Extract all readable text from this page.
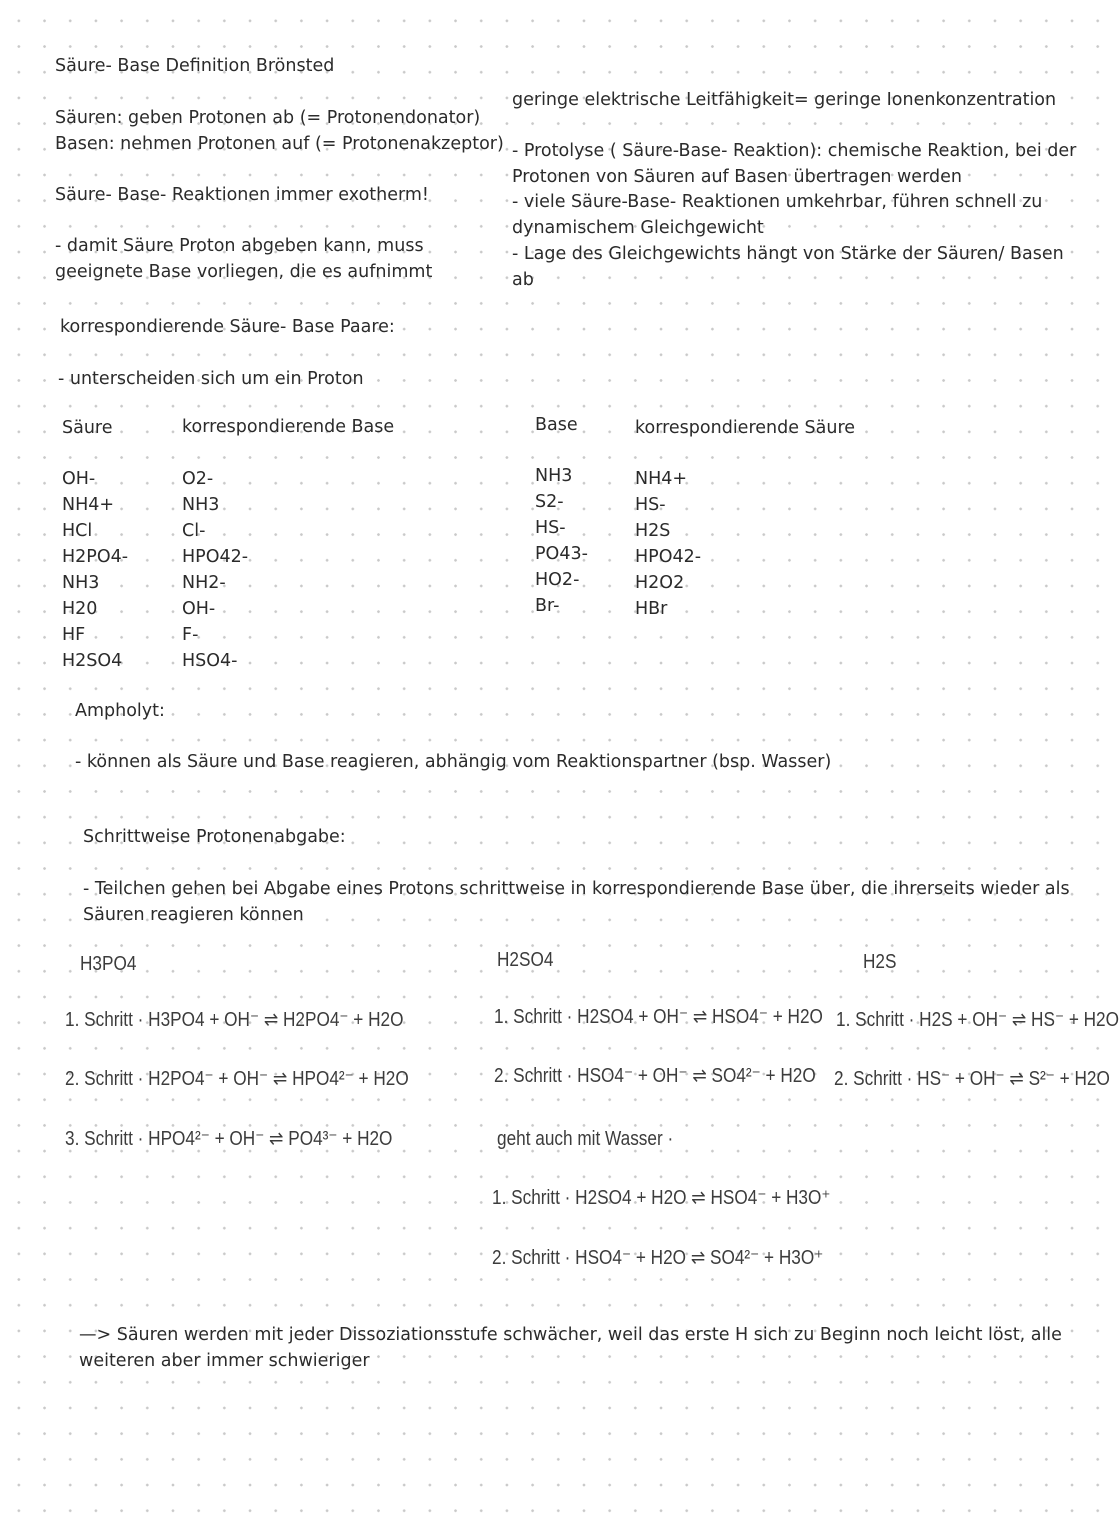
Säure- Base Definition Brönsted
Säuren: geben Protonen ab (= Protonendonator)
Basen: nehmen Protonen auf (= Protonenakzeptor)
Säure- Base- Reaktionen immer exotherm!
- damit Säure Proton abgeben kann, muss
geeignete Base vorliegen, die es aufnimmt
geringe elektrische Leitfähigkeit= geringe Ionenkonzentration
- Protolyse ( Säure-Base- Reaktion): chemische Reaktion, bei der
Protonen von Säuren auf Basen übertragen werden
- viele Säure-Base- Reaktionen umkehrbar, führen schnell zu
dynamischem Gleichgewicht
- Lage des Gleichgewichts hängt von Stärke der Säuren/ Basen
ab
korrespondierende Säure- Base Paare:
- unterscheiden sich um ein Proton
Säure	korrespondierende Base
OH-
NH4+
HCl
H2PO4-
NH3
H20
HF
H2SO4
O2-
NH3
Cl-
HPO42-
NH2-
OH-
F-
HSO4-
Base	korrespondierende Säure
NH3
S2-
HS-
PO43-
HO2-
Br-
NH4+
HS-
H2S
HPO42-
H2O2
HBr
Ampholyt:
- können als Säure und Base reagieren, abhängig vom Reaktionspartner (bsp. Wasser)
Schrittweise Protonenabgabe:
- Teilchen gehen bei Abgabe eines Protons schrittweise in korrespondierende Base über, die ihrerseits wieder als
Säuren reagieren können
H3PO4
1. Schritt · H3PO4 + OH⁻ ⇌ H2PO4⁻ + H2O
2. Schritt · H2PO4⁻ + OH⁻ ⇌ HPO4²⁻ + H2O
3. Schritt · HPO4²⁻ + OH⁻ ⇌ PO4³⁻ + H2O
H2SO4
1. Schritt · H2SO4 + OH⁻ ⇌ HSO4⁻ + H2O
2. Schritt · HSO4⁻ + OH⁻ ⇌ SO4²⁻ + H2O
geht auch mit Wasser ·
1. Schritt · H2SO4 + H2O ⇌ HSO4⁻ + H3O⁺
2. Schritt · HSO4⁻ + H2O ⇌ SO4²⁻ + H3O⁺
H2S
1. Schritt · H2S + OH⁻ ⇌ HS⁻ + H2O
2. Schritt · HS⁻ + OH⁻ ⇌ S²⁻ + H2O
—> Säuren werden mit jeder Dissoziationsstufe schwächer, weil das erste H sich zu Beginn noch leicht löst, alle
weiteren aber immer schwieriger
